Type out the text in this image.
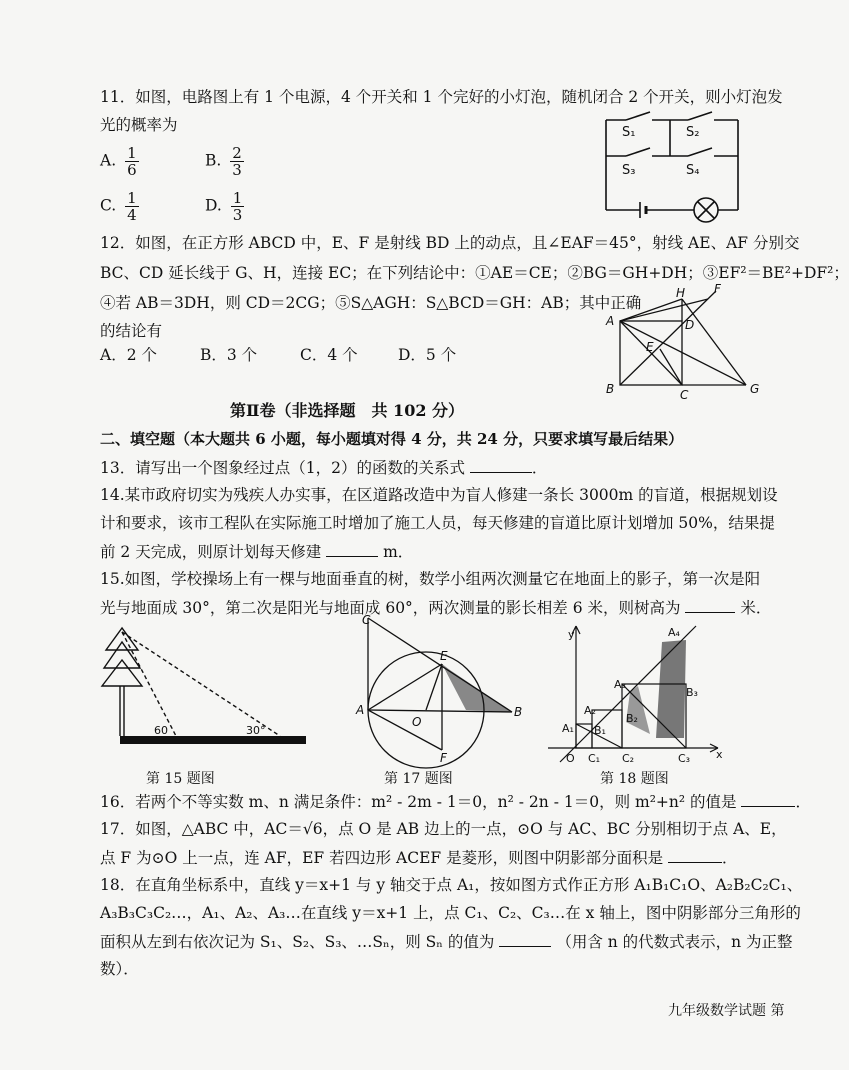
11．如图，电路图上有 1 个电源，4 个开关和 1 个完好的小灯泡，随机闭合 2 个开关，则小灯泡发
光的概率为
A. $\frac{1}{6}$	B. $\frac{2}{3}$
C. $\frac{1}{4}$	D. $\frac{1}{3}$
S₁	S₂
S₃	S₄
12．如图，在正方形 ABCD 中，E、F 是射线 BD 上的动点，且∠EAF＝45°，射线 AE、AF 分别交
BC、CD 延长线于 G、H，连接 EC；在下列结论中：①AE＝CE；②BG＝GH+DH；③EF²＝BE²+DF²；
④若 AB＝3DH，则 CD＝2CG；⑤S△AGH：S△BCD＝GH：AB；其中正确
的结论有
A．2 个	B．3 个	C．4 个	D．5 个
H F
A	D
E
B	C	G
第Ⅱ卷（非选择题　共 102 分）
二、填空题（本大题共 6 小题，每小题填对得 4 分，共 24 分，只要求填写最后结果）
13．请写出一个图象经过点（1，2）的函数的关系式	．
14.某市政府切实为残疾人办实事，在区道路改造中为盲人修建一条长 3000m 的盲道，根据规划设
计和要求，该市工程队在实际施工时增加了施工人员，每天修建的盲道比原计划增加 50%，结果提
前 2 天完成，则原计划每天修建	m．
15.如图，学校操场上有一棵与地面垂直的树，数学小组两次测量它在地面上的影子，第一次是阳
光与地面成 30°，第二次是阳光与地面成 60°，两次测量的影长相差 6 米，则树高为	米．
60	30°
C
E
A
O
B
F
y
x
O
A₁
A₂
A₃
A₄
B₁
B₂
B₃
C₁ C₂	C₃
第 15 题图	第 17 题图	第 18 题图
16．若两个不等实数 m、n 满足条件：m² - 2m - 1＝0，n² - 2n - 1＝0，则 m²+n² 的值是	．
17．如图，△ABC 中，AC＝√6，点 O 是 AB 边上的一点，⊙O 与 AC、BC 分别相切于点 A、E，
点 F 为⊙O 上一点，连 AF，EF 若四边形 ACEF 是菱形，则图中阴影部分面积是	．
18．在直角坐标系中，直线 y＝x+1 与 y 轴交于点 A₁，按如图方式作正方形 A₁B₁C₁O、A₂B₂C₂C₁、
A₃B₃C₃C₂…，A₁、A₂、A₃…在直线 y＝x+1 上，点 C₁、C₂、C₃…在 x 轴上，图中阴影部分三角形的
面积从左到右依次记为 S₁、S₂、S₃、…Sₙ，则 Sₙ 的值为	（用含 n 的代数式表示，n 为正整
数）．
九年级数学试题 第
